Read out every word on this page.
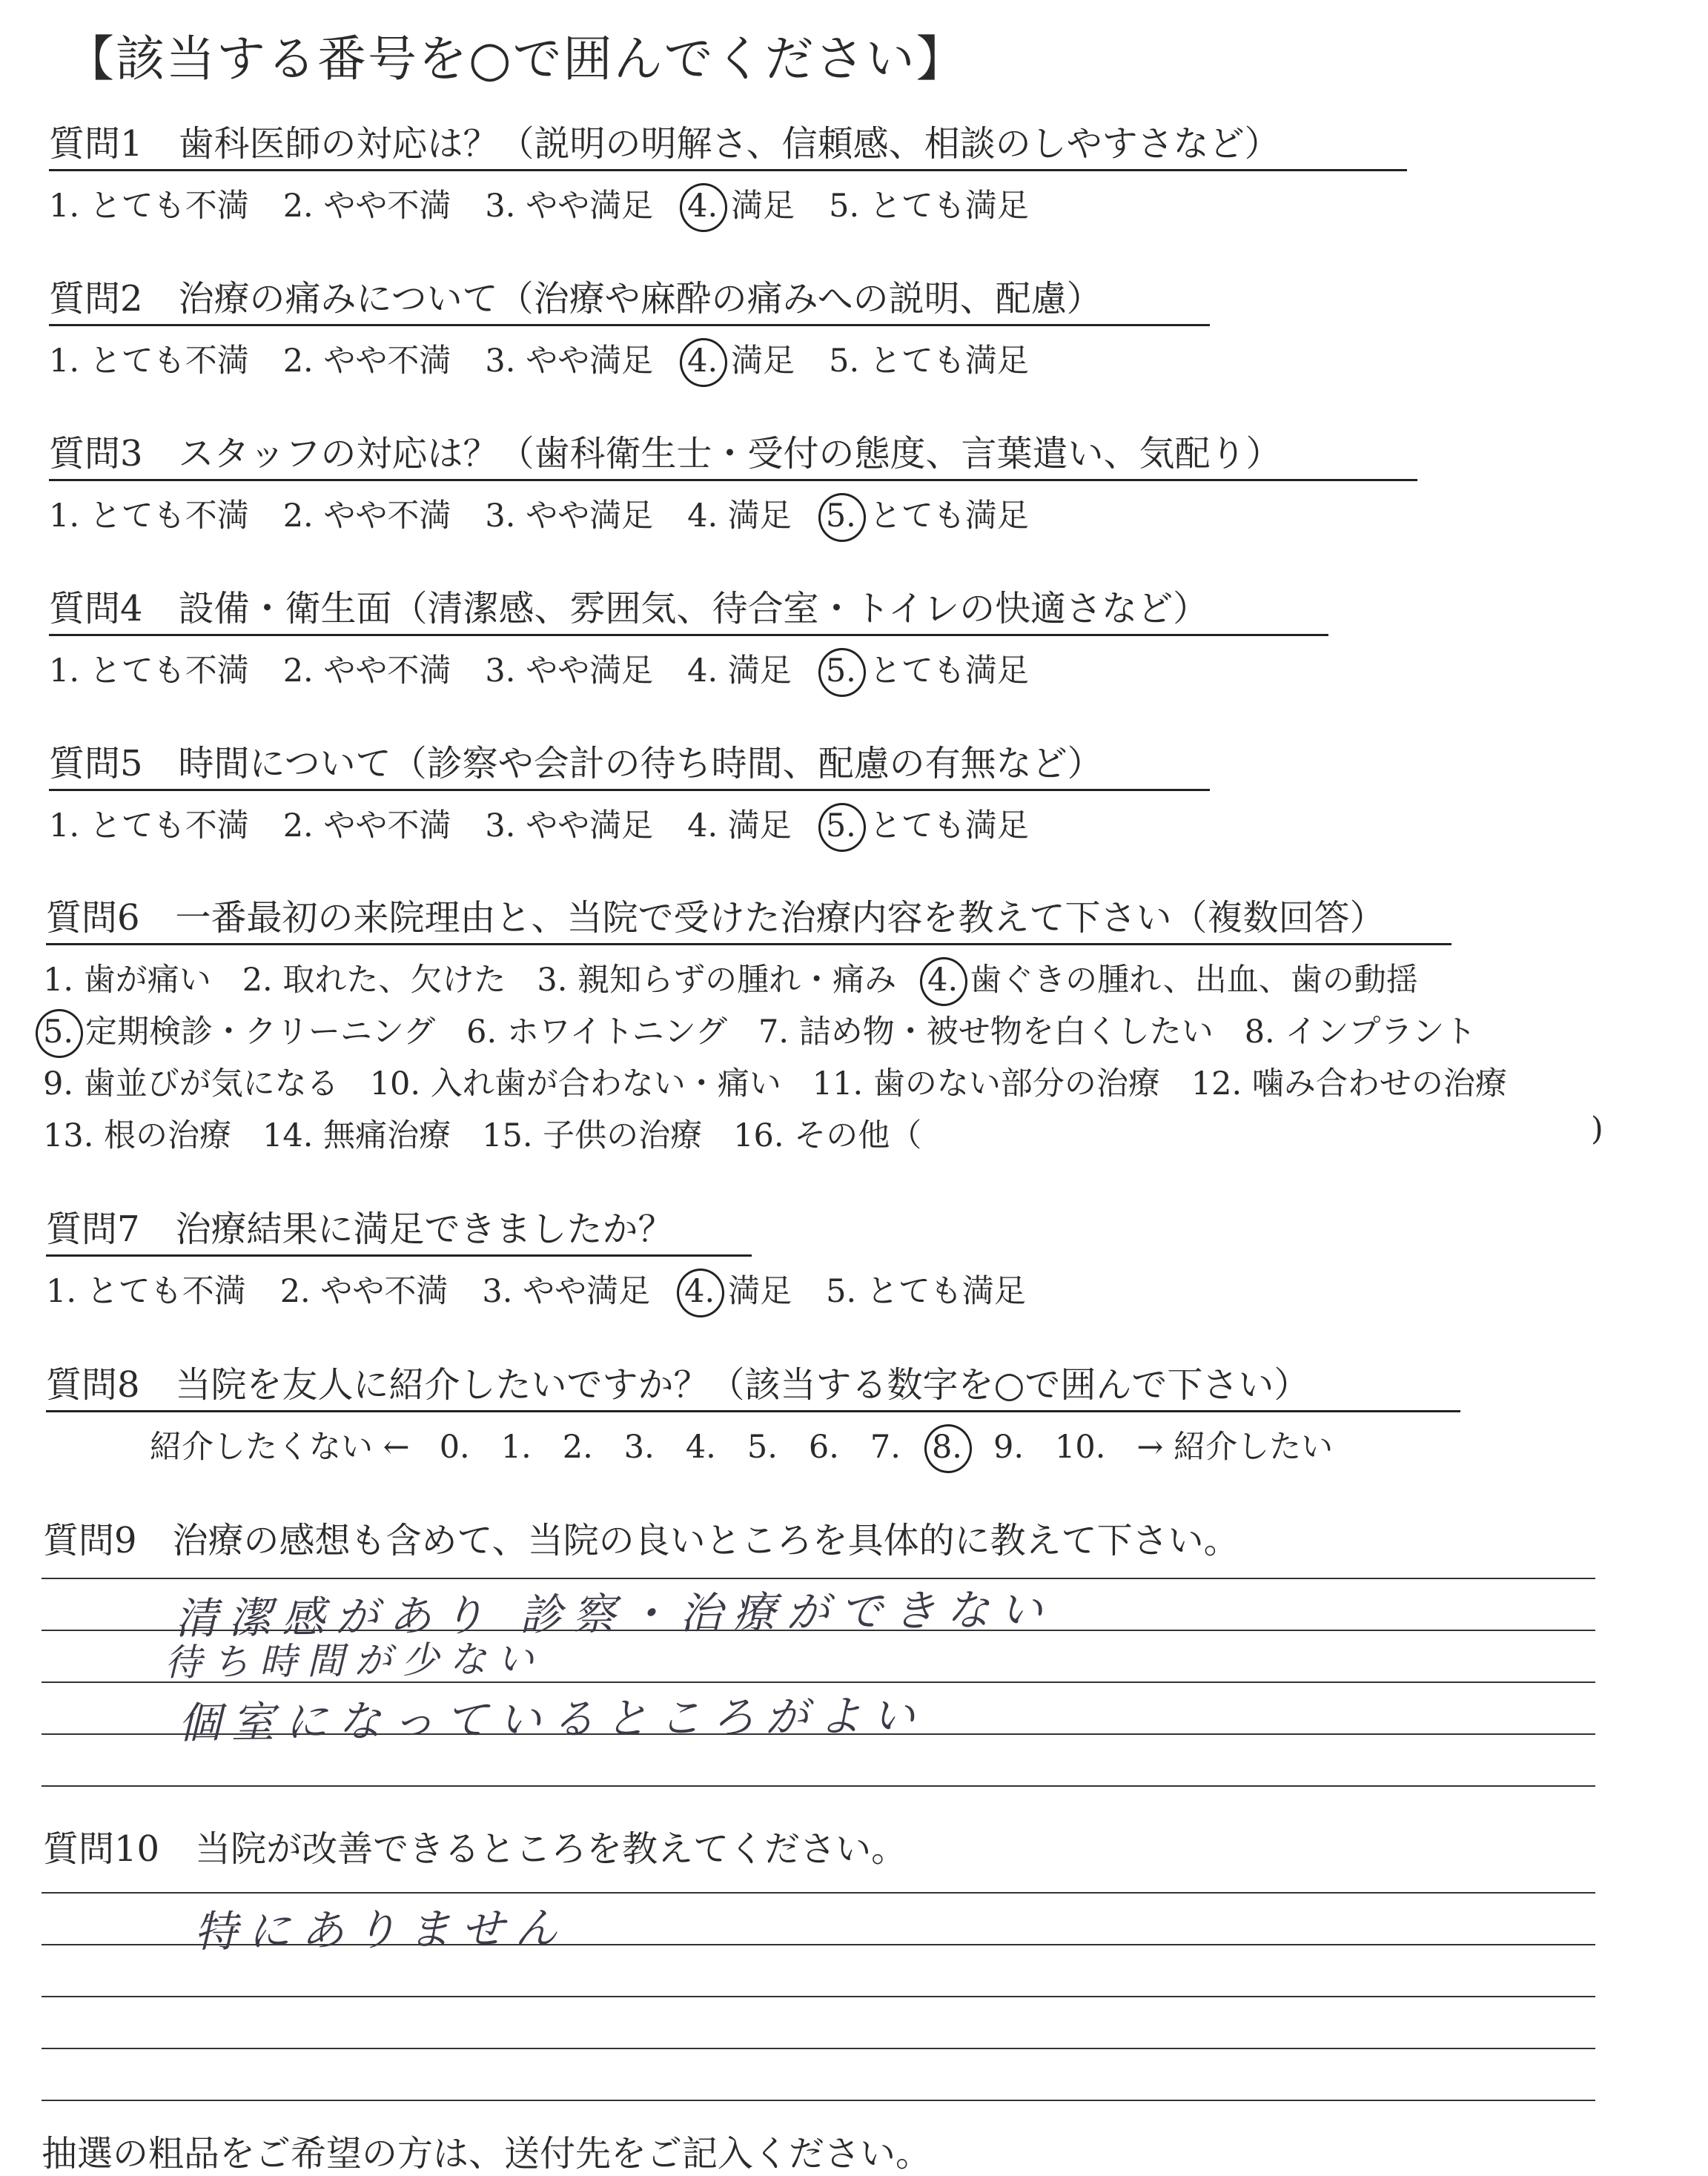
【該当する番号を○で囲んでください】
質問1　歯科医師の対応は？（説明の明解さ、信頼感、相談のしやすさなど）
1. とても不満 2. やや不満 3. やや満足 4. 満足 5. とても満足
質問2　治療の痛みについて（治療や麻酔の痛みへの説明、配慮）
1. とても不満 2. やや不満 3. やや満足 4. 満足 5. とても満足
質問3　スタッフの対応は？（歯科衛生士・受付の態度、言葉遣い、気配り）
1. とても不満 2. やや不満 3. やや満足 4. 満足 5. とても満足
質問4　設備・衛生面（清潔感、雰囲気、待合室・トイレの快適さなど）
1. とても不満 2. やや不満 3. やや満足 4. 満足 5. とても満足
質問5　時間について（診察や会計の待ち時間、配慮の有無など）
1. とても不満 2. やや不満 3. やや満足 4. 満足 5. とても満足
質問6　一番最初の来院理由と、当院で受けた治療内容を教えて下さい（複数回答）
1. 歯が痛い 2. 取れた、欠けた 3. 親知らずの腫れ・痛み 4. 歯ぐきの腫れ、出血、歯の動揺
5. 定期検診・クリーニング 6. ホワイトニング 7. 詰め物・被せ物を白くしたい 8. インプラント
9. 歯並びが気になる 10. 入れ歯が合わない・痛い 11. 歯のない部分の治療 12. 噛み合わせの治療
13. 根の治療 14. 無痛治療 15. 子供の治療 16. その他（	)
質問7　治療結果に満足できましたか？
1. とても不満 2. やや不満 3. やや満足 4. 満足 5. とても満足
質問8　当院を友人に紹介したいですか？（該当する数字を○で囲んで下さい）
紹介したくない ← 0. 1. 2. 3. 4. 5. 6. 7. 8. 9. 10. → 紹介したい
質問9　治療の感想も含めて、当院の良いところを具体的に教えて下さい。
清潔感があり 診察・治療ができない
待ち時間が少ない
個室になっているところがよい
質問10　当院が改善できるところを教えてください。
特にありません
抽選の粗品をご希望の方は、送付先をご記入ください。
